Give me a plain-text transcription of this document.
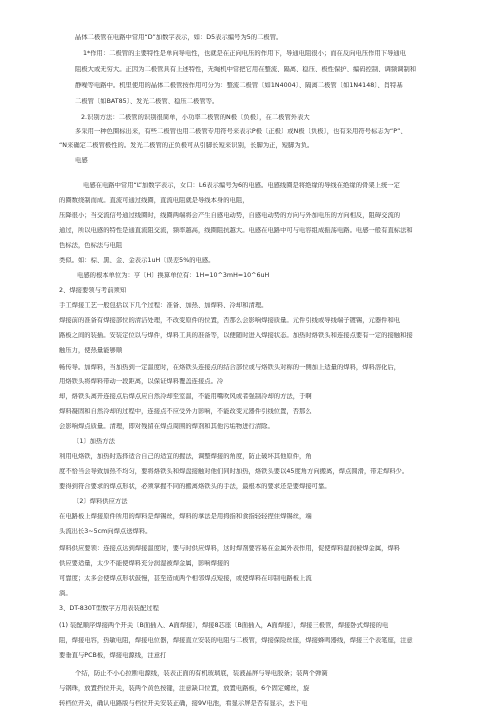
晶体二极管在电路中常用“D”加数字表示，如：D5表示编号为5的二极管。
1*作用：二极管的主要特性是单向导电性，也就是在正向电压的作用下，导通电阻很小；而在反向电压作用下导通电
阻极大或无穷大。正因为二极管具有上述特性，无绳机中常把它用在整流、隔离、稳压、极性保护、编码控制、调频调制和
静噪等电路中。机里使用的晶体二极管按作用可分为：整流二极管〔如1N4004〕、隔离二极管〔如1N4148〕、肖特基
二极管〔如BAT85〕、发光二极管、稳压二极管等。
2.识别方法：二极管的识别很简单，小功率二极管的N极〔负极〕，在二极管外表大
多采用一种色圈标出来，有些二极管也用二极管专用符号来表示P极〔正极〕或N极〔负极〕，也有采用符号标志为“P”、
“N来确定二极管极性的。发光二极管的正负极可从引脚长短来识别，长脚为正，短脚为负。
电感
电感在电路中常用“L”加数字表示，女口：L6表示编号为6的电感。电感线圈是将绝缘的导线在绝缘的骨架上统一定
的圈数绕制而成。直流可通过线圈，直流电阻就是导线本身的电阻，
压降很小；当交流信号通过线圈时，线圈两端将会产生自感电动势，自感电动势的方向与外加电压的方向相反，阻碍交流的
通过，所以电感的特性是通直流阻交流，频率越高，线圈阻抗越大。电感在电路中可与电容组成振荡电路。电感一般有直标法和
色标法，色标法与电阻
类似。如：棕、黑、金、金表示1uH〔误差5%的电感。
电感的根本单位为：亨〔H〕换算单位有：1H=10^3mH=10^6uH
2、焊接要领与考前须知
手工焊接工艺一般包括以下几个过程：准备、加热、加焊料、冷却和清理。
焊接前的准备有焊接部位的清洁处理，不改变原件的位置，否那么会影响焊接质量。元件引线或导线端子镀锡，元器件和电
路板之间的装插。安装定位以与焊件，焊料工具的准备等，以便随时进入焊接状态。加热时烙铁头和连接点要有一定的接触和接
触压力，使热量能够顺
畅传导。加焊料，当加热到一定温度时，在烙铁头连接点的结合部位或与烙铁头对称的一侧加上适量的焊料，焊料溶化后，
用烙铁头将焊料带动一段距离，以保证焊料覆盖连接点。冷
却，烙铁头离开连接点后焊点应自然冷却至室温，不能用嘴吹风或者强制冷却的方法，于啊
焊料凝固和自然冷却的过程中，连接点不应受外力影响，不能改变元器件引线位置，否那么
会影响焊点质量。清理，即对残留在焊点周围的焊剂和其他污垢物进行清除。
〔1〕加热方法
利用电烙铁，加热时选择适合自己的适宜的握法，调整焊接的角度，防止破坏其他原件，角
度不恰当会导致加热不均匀，要将烙铁头和焊盘接触对他们同时加热，烙铁头要以45度角方向搬离，焊点圆滑，带走焊料少。
要得到符合要求的焊点形状，必须掌握不同的搬离烙铁头的手法，最根本的要求还是要焊接可靠。
〔2〕焊料供应方法
在电路板上焊接原件所用的焊料是焊锡丝，焊料的拿法是用拇指和食指轻轻捏住焊锡丝，端
头流出长3~5cm向焊点送焊料。
焊料供应要领：连接点达到焊接温度时，要与时供应焊料，这时焊剂要容易在金属外表作用，促使焊料湿润被焊金属，焊料
供应要适量，太少不能使焊料充分润湿被焊金属，影响焊接的
可靠度；太多会使焊点形状鼓慢，甚至造成两个相邻焊点短接，或使焊料在印制电路板上流
淌。
3、DT-830T型数字万用表装配过程
(1) 装配顺序焊接两个开关〔B面插入、A面焊接〕，焊接8芯座〔B面插入，A面焊接〕，焊接三极管，焊接卧式焊接的电
阻，焊接电容，热敏电阻，焊接电位器，焊接直立安装的电阻与二极管，焊接保险丝座，焊接蜂鸣器线，焊接三个表笔座，注意
要垂直与PCB板，焊接电源线，注意打
个结，防止不小心拉断电源线，装表正面的有机玻璃底，装液晶屏与导电胶条；装两个弹簧
与钢珠，放置挡位开关，装两个黄色按键，注意缺口位置，放置电路板，6个固定螺丝，旋
转档位开关，确认电路版与档位开关安装正确，接9V电池，看显示屏是否有显示，去下电
